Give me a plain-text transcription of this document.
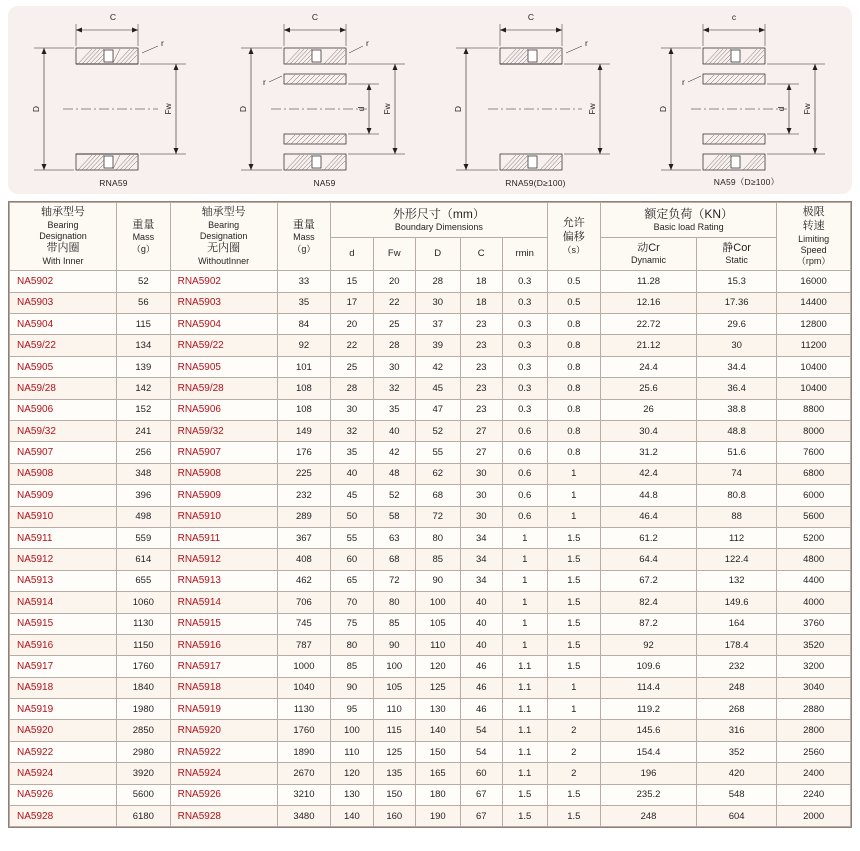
C
D	Fw
r
RNA59
C
D	d Fw
r
r
NA59
C
D	Fw
r
RNA59(D≥100)
c
D	d Fw
r
NA59（D≥100）
轴承型号
Bearing
Designation
带内圈
With Inner

重量
Mass
（g）

轴承型号
Bearing
Designation
无内圈
WithoutInner

重量
Mass
（g）

外形尺寸（mm）
Boundary Dimensions	允许
偏移
（s）

额定负荷（KN）
Basic load Rating

极限
转速
Limiting
Speed
（rpm）

d	Fw	D	C	rmin	
动Cr
Dynamic

静Cor
Static

NA5902	52	RNA5902	33	15	20	28	18	0.3	0.5	11.28	15.3	16000
NA5903	56	RNA5903	35	17	22	30	18	0.3	0.5	12.16	17.36	14400
NA5904	115	RNA5904	84	20	25	37	23	0.3	0.8	22.72	29.6	12800
NA59/22	134	RNA59/22	92	22	28	39	23	0.3	0.8	21.12	30	11200
NA5905	139	RNA5905	101	25	30	42	23	0.3	0.8	24.4	34.4	10400
NA59/28	142	RNA59/28	108	28	32	45	23	0.3	0.8	25.6	36.4	10400
NA5906	152	RNA5906	108	30	35	47	23	0.3	0.8	26	38.8	8800
NA59/32	241	RNA59/32	149	32	40	52	27	0.6	0.8	30.4	48.8	8000
NA5907	256	RNA5907	176	35	42	55	27	0.6	0.8	31.2	51.6	7600
NA5908	348	RNA5908	225	40	48	62	30	0.6	1	42.4	74	6800
NA5909	396	RNA5909	232	45	52	68	30	0.6	1	44.8	80.8	6000
NA5910	498	RNA5910	289	50	58	72	30	0.6	1	46.4	88	5600
NA5911	559	RNA5911	367	55	63	80	34	1	1.5	61.2	112	5200
NA5912	614	RNA5912	408	60	68	85	34	1	1.5	64.4	122.4	4800
NA5913	655	RNA5913	462	65	72	90	34	1	1.5	67.2	132	4400
NA5914	1060	RNA5914	706	70	80	100	40	1	1.5	82.4	149.6	4000
NA5915	1130	RNA5915	745	75	85	105	40	1	1.5	87.2	164	3760
NA5916	1150	RNA5916	787	80	90	110	40	1	1.5	92	178.4	3520
NA5917	1760	RNA5917	1000	85	100	120	46	1.1	1.5	109.6	232	3200
NA5918	1840	RNA5918	1040	90	105	125	46	1.1	1	114.4	248	3040
NA5919	1980	RNA5919	1130	95	110	130	46	1.1	1	119.2	268	2880
NA5920	2850	RNA5920	1760	100	115	140	54	1.1	2	145.6	316	2800
NA5922	2980	RNA5922	1890	110	125	150	54	1.1	2	154.4	352	2560
NA5924	3920	RNA5924	2670	120	135	165	60	1.1	2	196	420	2400
NA5926	5600	RNA5926	3210	130	150	180	67	1.5	1.5	235.2	548	2240
NA5928	6180	RNA5928	3480	140	160	190	67	1.5	1.5	248	604	2000
